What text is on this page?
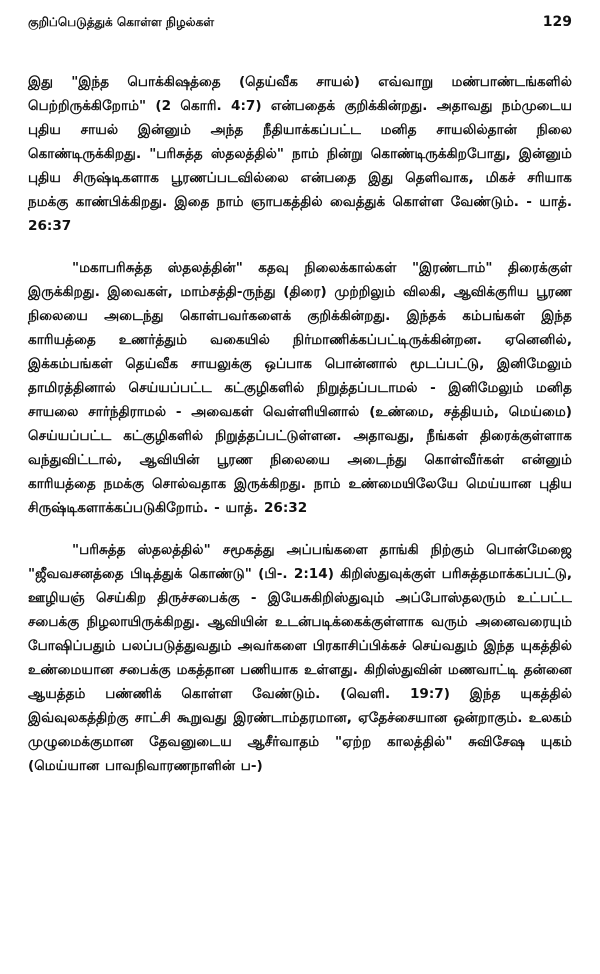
குறிப்பெடுத்துக் கொள்ள நிழல்கள்	129

இது "இந்த பொக்கிஷத்தை (தெய்வீக சாயல்) எவ்வாறு மண்பாண்டங்களில் பெற்றிருக்கிறோம்" (2 கொரி. 4:7) என்பதைக் குறிக்கின்றது. அதாவது நம்முடைய புதிய சாயல் இன்னும் அந்த நீதியாக்கப்பட்ட மனித சாயலில்தான் நிலை கொண்டிருக்கிறது. "பரிசுத்த ஸ்தலத்தில்" நாம் நின்று கொண்டிருக்கிறபோது, இன்னும் புதிய சிருஷ்டிகளாக பூரணப்படவில்லை என்பதை இது தெளிவாக, மிகச் சரியாக நமக்கு காண்பிக்கிறது. இதை நாம் ஞாபகத்தில் வைத்துக் கொள்ள வேண்டும். - யாத். 26:37

"மகாபரிசுத்த ஸ்தலத்தின்" கதவு நிலைக்கால்கள் "இரண்டாம்" திரைக்குள் இருக்கிறது. இவைகள், மாம்சத்தி-ருந்து (திரை) முற்றிலும் விலகி, ஆவிக்குரிய பூரண நிலையை அடைந்து கொள்பவர்களைக் குறிக்கின்றது. இந்தக் கம்பங்கள் இந்த காரியத்தை உணர்த்தும் வகையில் நிர்மாணிக்கப்பட்டிருக்கின்றன. ஏனெனில், இக்கம்பங்கள் தெய்வீக சாயலுக்கு ஒப்பாக பொன்னால் மூடப்பட்டு, இனிமேலும் தாமிரத்தினால் செய்யப்பட்ட கட்குழிகளில் நிறுத்தப்படாமல் - இனிமேலும் மனித சாயலை சார்ந்திராமல் - அவைகள் வெள்ளியினால் (உண்மை, சத்தியம், மெய்மை) செய்யப்பட்ட கட்குழிகளில் நிறுத்தப்பட்டுள்ளன. அதாவது, நீங்கள் திரைக்குள்ளாக வந்துவிட்டால், ஆவியின் பூரண நிலையை அடைந்து கொள்வீர்கள் என்னும் காரியத்தை நமக்கு சொல்வதாக இருக்கிறது. நாம் உண்மையிலேயே மெய்யான புதிய சிருஷ்டிகளாக்கப்படுகிறோம். - யாத். 26:32

"பரிசுத்த ஸ்தலத்தில்" சமூகத்து அப்பங்களை தாங்கி நிற்கும் பொன்மேஜை "ஜீவவசனத்தை பிடித்துக் கொண்டு" (பி-. 2:14) கிறிஸ்துவுக்குள் பரிசுத்தமாக்கப்பட்டு, ஊழியஞ் செய்கிற திருச்சபைக்கு - இயேசுகிறிஸ்துவும் அப்போஸ்தலரும் உட்பட்ட சபைக்கு நிழலாயிருக்கிறது. ஆவியின் உடன்படிக்கைக்குள்ளாக வரும் அனைவரையும் போஷிப்பதும் பலப்படுத்துவதும் அவர்களை பிரகாசிப்பிக்கச் செய்வதும் இந்த யுகத்தில் உண்மையான சபைக்கு மகத்தான பணியாக உள்ளது. கிறிஸ்துவின் மணவாட்டி தன்னை ஆயத்தம் பண்ணிக் கொள்ள வேண்டும். (வெளி. 19:7) இந்த யுகத்தில் இவ்வுலகத்திற்கு சாட்சி கூறுவது இரண்டாம்தரமான, ஏதேச்சையான ஒன்றாகும். உலகம் முழுமைக்குமான தேவனுடைய ஆசீர்வாதம் "ஏற்ற காலத்தில்" சுவிசேஷ யுகம் (மெய்யான பாவநிவாரணநாளின் ப-)
